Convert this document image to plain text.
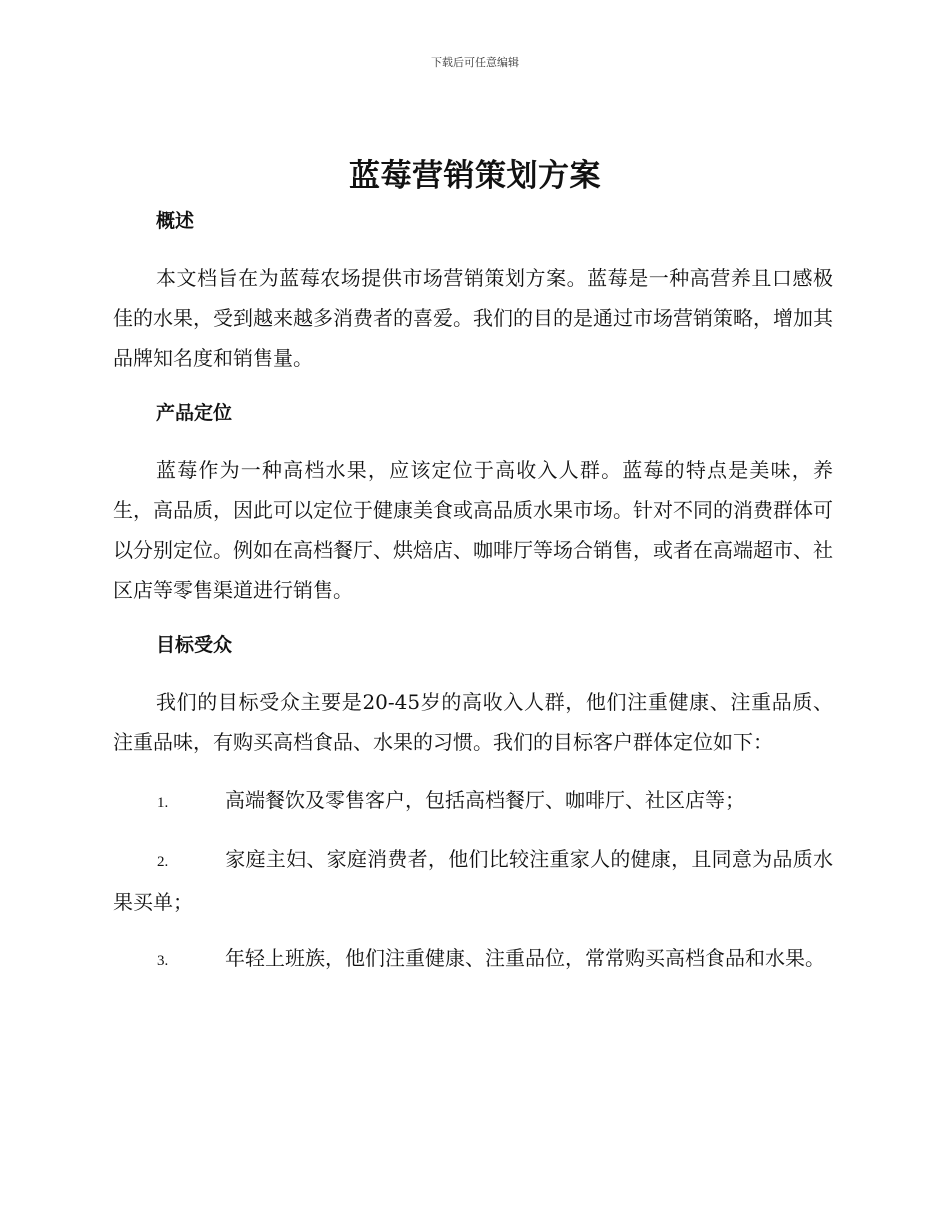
下载后可任意编辑
蓝莓营销策划方案
概述

本文档旨在为蓝莓农场提供市场营销策划方案。蓝莓是一种高营养且口感极佳的水果，受到越来越多消费者的喜爱。我们的目的是通过市场营销策略，增加其品牌知名度和销售量。

产品定位

蓝莓作为一种高档水果，应该定位于高收入人群。蓝莓的特点是美味，养生，高品质，因此可以定位于健康美食或高品质水果市场。针对不同的消费群体可以分别定位。例如在高档餐厅、烘焙店、咖啡厅等场合销售，或者在高端超市、社区店等零售渠道进行销售。

目标受众

我们的目标受众主要是20-45岁的高收入人群，他们注重健康、注重品质、注重品味，有购买高档食品、水果的习惯。我们的目标客户群体定位如下：

1.	高端餐饮及零售客户，包括高档餐厅、咖啡厅、社区店等；

2.	家庭主妇、家庭消费者，他们比较注重家人的健康，且同意为品质水果买单；

3.	年轻上班族，他们注重健康、注重品位，常常购买高档食品和水果。
